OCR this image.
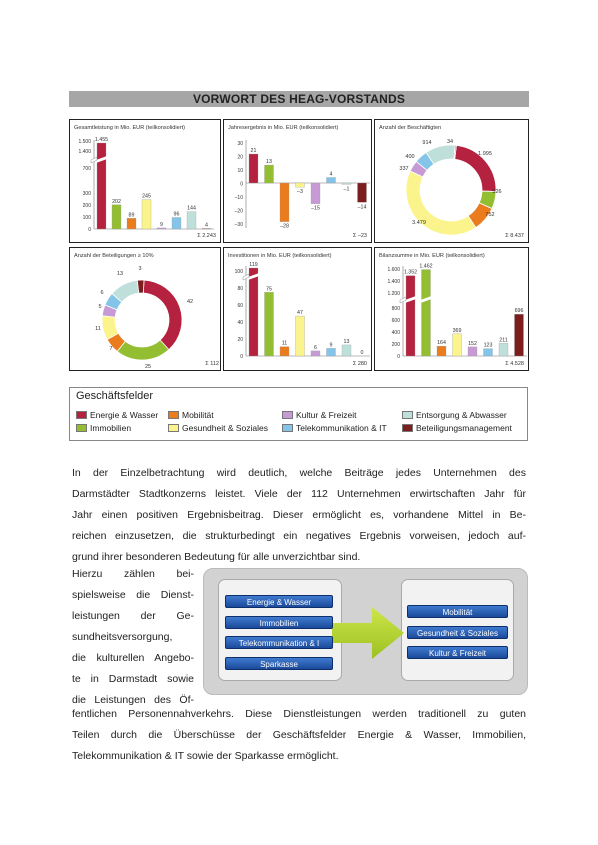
VORWORT DES HEAG-VORSTANDS
Gesamtleistung in Mio. EUR (teilkonsolidiert)
0
100
200
300
700
1.400
1.500 1.455
202
89
245
9
96
144
4
Σ 2.243
Jahresergebnis in Mio. EUR (teilkonsolidiert)
30
20
10
0
–10
–20
–30
21
13
–28
–3
–15
4
–1
–14
Σ –23
Anzahl der Beschäftigten
1.995
526
752
3.479
337
400
914	34
Σ 8.437
Anzahl der Beteiligungen ≥ 10%
42
25
7
11
5
6
13
3
Σ 112
Investitionen in Mio. EUR (teilkonsolidiert)
0
20
40
60
80
100
119
75
11
47
6 9
13
0
Σ 280
Bilanzsumme in Mio. EUR (teilkonsolidiert)
0
200
400
600
800
1.200
1.400
1.600 1.352
1.462
164
369
152 123
211
696
Σ 4.528
Geschäftsfelder
Energie & Wasser	Mobilität	Kultur & Freizeit	Entsorgung & Abwasser
Immobilien	Gesundheit & Soziales	Telekommunikation & IT	Beteiligungsmanagement
In der Einzelbetrachtung wird deutlich, welche Beiträge jedes Unternehmen des
Darmstädter Stadtkonzerns leistet. Viele der 112 Unternehmen erwirtschaften Jahr für
Jahr einen positiven Ergebnisbeitrag. Dieser ermöglicht es, vorhandene Mittel in Be-
reichen einzusetzen, die strukturbedingt ein negatives Ergebnis vorweisen, jedoch auf-
grund ihrer besonderen Bedeutung für alle unverzichtbar sind.
Hierzu zählen bei-
spielsweise die Dienst-
leistungen der Ge-
sundheitsversorgung,
die kulturellen Angebo-
te in Darmstadt sowie
die Leistungen des Öf-
Energie & Wasser
Immobilien
Telekommunikation & I
Sparkasse
Mobilität
Gesundheit & Soziales
Kultur & Freizeit
fentlichen Personennahverkehrs. Diese Dienstleistungen werden traditionell zu guten
Teilen durch die Überschüsse der Geschäftsfelder Energie & Wasser, Immobilien,
Telekommunikation & IT sowie der Sparkasse ermöglicht.
